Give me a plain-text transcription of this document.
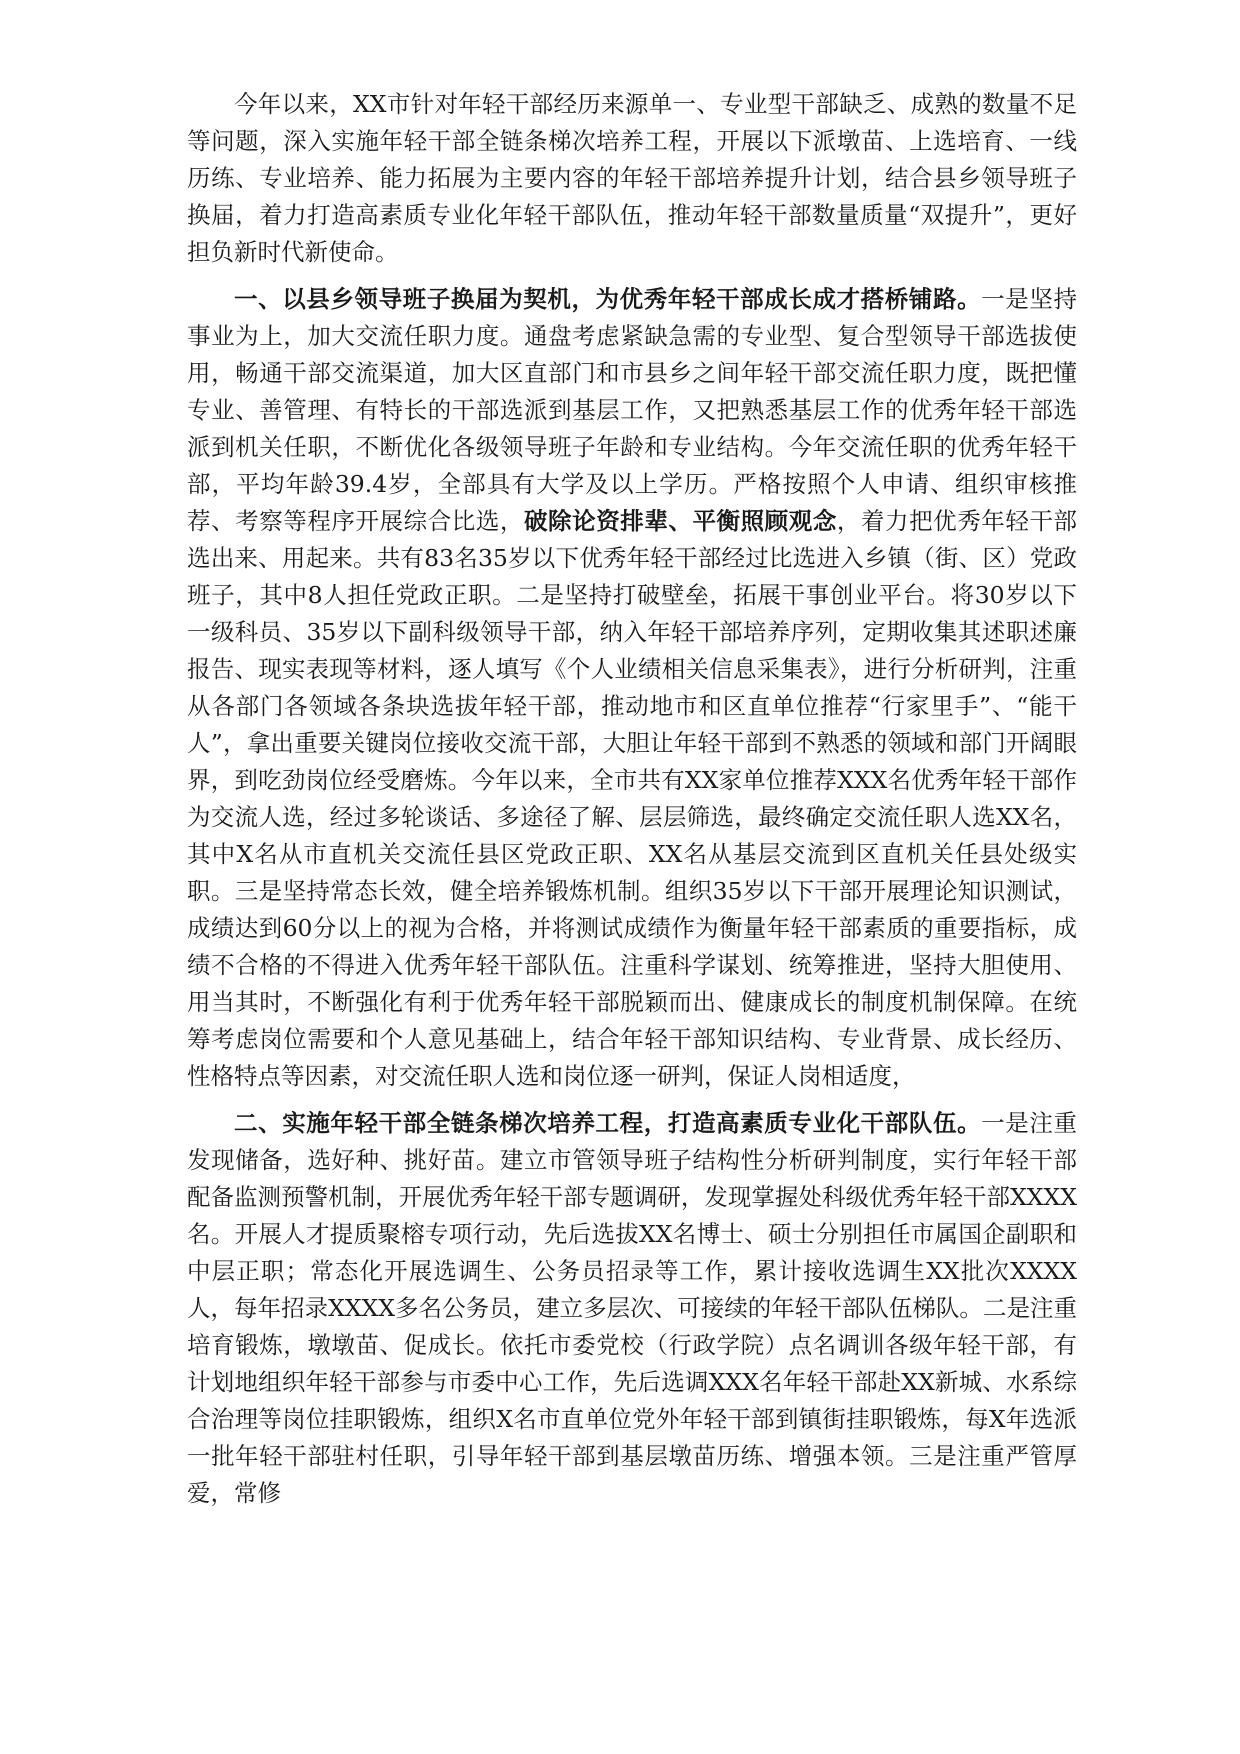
今年以来，XX市针对年轻干部经历来源单一、专业型干部缺乏、成熟的数量不足等问题，深入实施年轻干部全链条梯次培养工程，开展以下派墩苗、上选培育、一线历练、专业培养、能力拓展为主要内容的年轻干部培养提升计划，结合县乡领导班子换届，着力打造高素质专业化年轻干部队伍，推动年轻干部数量质量“双提升”，更好担负新时代新使命。

一、以县乡领导班子换届为契机，为优秀年轻干部成长成才搭桥铺路。一是坚持事业为上，加大交流任职力度。通盘考虑紧缺急需的专业型、复合型领导干部选拔使用，畅通干部交流渠道，加大区直部门和市县乡之间年轻干部交流任职力度，既把懂专业、善管理、有特长的干部选派到基层工作，又把熟悉基层工作的优秀年轻干部选派到机关任职，不断优化各级领导班子年龄和专业结构。今年交流任职的优秀年轻干部，平均年龄39.4岁，全部具有大学及以上学历。严格按照个人申请、组织审核推荐、考察等程序开展综合比选，破除论资排辈、平衡照顾观念，着力把优秀年轻干部选出来、用起来。共有83名35岁以下优秀年轻干部经过比选进入乡镇（街、区）党政班子，其中8人担任党政正职。二是坚持打破壁垒，拓展干事创业平台。将30岁以下一级科员、35岁以下副科级领导干部，纳入年轻干部培养序列，定期收集其述职述廉报告、现实表现等材料，逐人填写《个人业绩相关信息采集表》，进行分析研判，注重从各部门各领域各条块选拔年轻干部，推动地市和区直单位推荐“行家里手”、“能干人”，拿出重要关键岗位接收交流干部，大胆让年轻干部到不熟悉的领域和部门开阔眼界，到吃劲岗位经受磨炼。今年以来，全市共有XX家单位推荐XXX名优秀年轻干部作为交流人选，经过多轮谈话、多途径了解、层层筛选，最终确定交流任职人选XX名，其中X名从市直机关交流任县区党政正职、XX名从基层交流到区直机关任县处级实职。三是坚持常态长效，健全培养锻炼机制。组织35岁以下干部开展理论知识测试，成绩达到60分以上的视为合格，并将测试成绩作为衡量年轻干部素质的重要指标，成绩不合格的不得进入优秀年轻干部队伍。注重科学谋划、统筹推进，坚持大胆使用、用当其时，不断强化有利于优秀年轻干部脱颖而出、健康成长的制度机制保障。在统筹考虑岗位需要和个人意见基础上，结合年轻干部知识结构、专业背景、成长经历、性格特点等因素，对交流任职人选和岗位逐一研判，保证人岗相适度，

二、实施年轻干部全链条梯次培养工程，打造高素质专业化干部队伍。一是注重发现储备，选好种、挑好苗。建立市管领导班子结构性分析研判制度，实行年轻干部配备监测预警机制，开展优秀年轻干部专题调研，发现掌握处科级优秀年轻干部XXXX名。开展人才提质聚榕专项行动，先后选拔XX名博士、硕士分别担任市属国企副职和中层正职；常态化开展选调生、公务员招录等工作，累计接收选调生XX批次XXXX人，每年招录XXXX多名公务员，建立多层次、可接续的年轻干部队伍梯队。二是注重培育锻炼，墩墩苗、促成长。依托市委党校（行政学院）点名调训各级年轻干部，有计划地组织年轻干部参与市委中心工作，先后选调XXX名年轻干部赴XX新城、水系综合治理等岗位挂职锻炼，组织X名市直单位党外年轻干部到镇街挂职锻炼，每X年选派一批年轻干部驻村任职，引导年轻干部到基层墩苗历练、增强本领。三是注重严管厚爱，常修
